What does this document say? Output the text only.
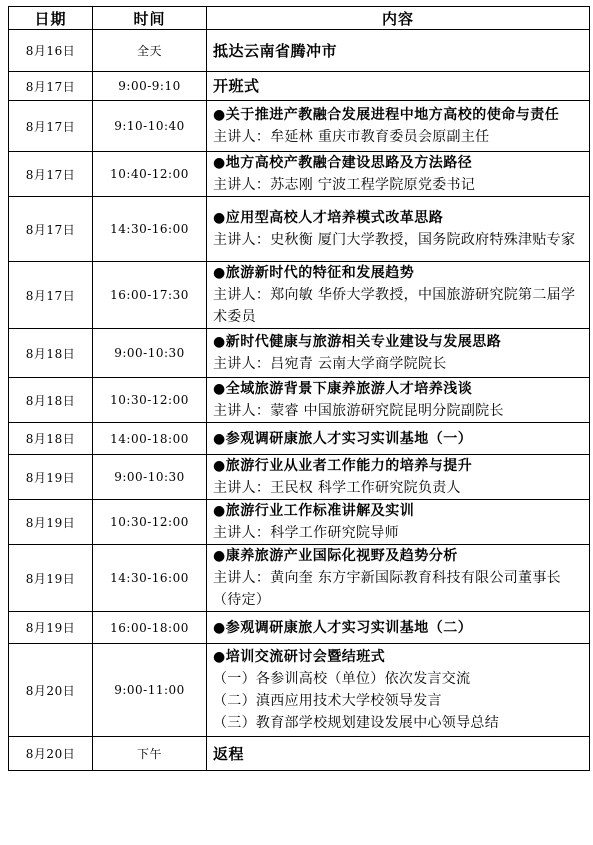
日期	时间	内容
8月16日	全天	抵达云南省腾冲市

8月17日	9:00-9:10	开班式

8月17日	9:10-10:40	●关于推进产教融合发展进程中地方高校的使命与责任
主讲人：牟延林 重庆市教育委员会原副主任

8月17日	10:40-12:00	●地方高校产教融合建设思路及方法路径
主讲人：苏志刚 宁波工程学院原党委书记

8月17日	14:30-16:00	●应用型高校人才培养模式改革思路
主讲人：史秋衡 厦门大学教授，国务院政府特殊津贴专家

8月17日	16:00-17:30	●旅游新时代的特征和发展趋势
主讲人：郑向敏 华侨大学教授，中国旅游研究院第二届学术委员

8月18日	9:00-10:30	●新时代健康与旅游相关专业建设与发展思路
主讲人：吕宛青 云南大学商学院院长

8月18日	10:30-12:00	●全域旅游背景下康养旅游人才培养浅谈
主讲人：蒙睿 中国旅游研究院昆明分院副院长

8月18日	14:00-18:00	●参观调研康旅人才实习实训基地（一）

8月19日	9:00-10:30	●旅游行业从业者工作能力的培养与提升
主讲人：王民权 科学工作研究院负责人

8月19日	10:30-12:00	●旅游行业工作标准讲解及实训
主讲人：科学工作研究院导师

8月19日	14:30-16:00	●康养旅游产业国际化视野及趋势分析
主讲人：黄向奎 东方宇新国际教育科技有限公司董事长（待定）

8月19日	16:00-18:00	●参观调研康旅人才实习实训基地（二）

8月20日	9:00-11:00	●培训交流研讨会暨结班式
（一）各参训高校（单位）依次发言交流
（二）滇西应用技术大学校领导发言
（三）教育部学校规划建设发展中心领导总结

8月20日	下午	返程
